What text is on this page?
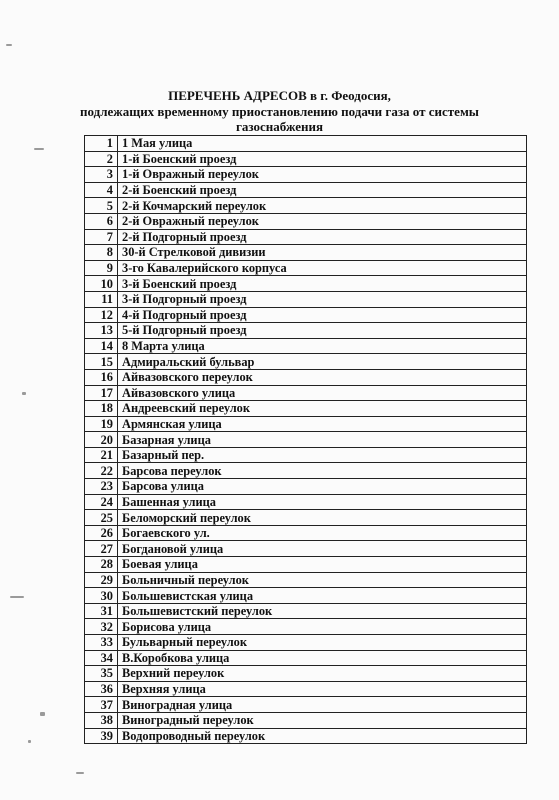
ПЕРЕЧЕНЬ АДРЕСОВ в г. Феодосия,
подлежащих временному приостановлению подачи газа от системы
газоснабжения
1	1 Мая улица
2	1-й Боенский проезд
3	1-й Овражный переулок
4	2-й Боенский проезд
5	2-й Кочмарский переулок
6	2-й Овражный переулок
7	2-й Подгорный проезд
8	30-й Стрелковой дивизии
9	3-го Кавалерийского корпуса
10	3-й Боенский проезд
11	3-й Подгорный проезд
12	4-й Подгорный проезд
13	5-й Подгорный проезд
14	8 Марта улица
15	Адмиральский бульвар
16	Айвазовского переулок
17	Айвазовского улица
18	Андреевский переулок
19	Армянская улица
20	Базарная улица
21	Базарный пер.
22	Барсова переулок
23	Барсова улица
24	Башенная улица
25	Беломорский переулок
26	Богаевского ул.
27	Богдановой улица
28	Боевая улица
29	Больничный переулок
30	Большевистская улица
31	Большевистский переулок
32	Борисова улица
33	Бульварный переулок
34	В.Коробкова улица
35	Верхний переулок
36	Верхняя улица
37	Виноградная улица
38	Виноградный переулок
39	Водопроводный переулок
